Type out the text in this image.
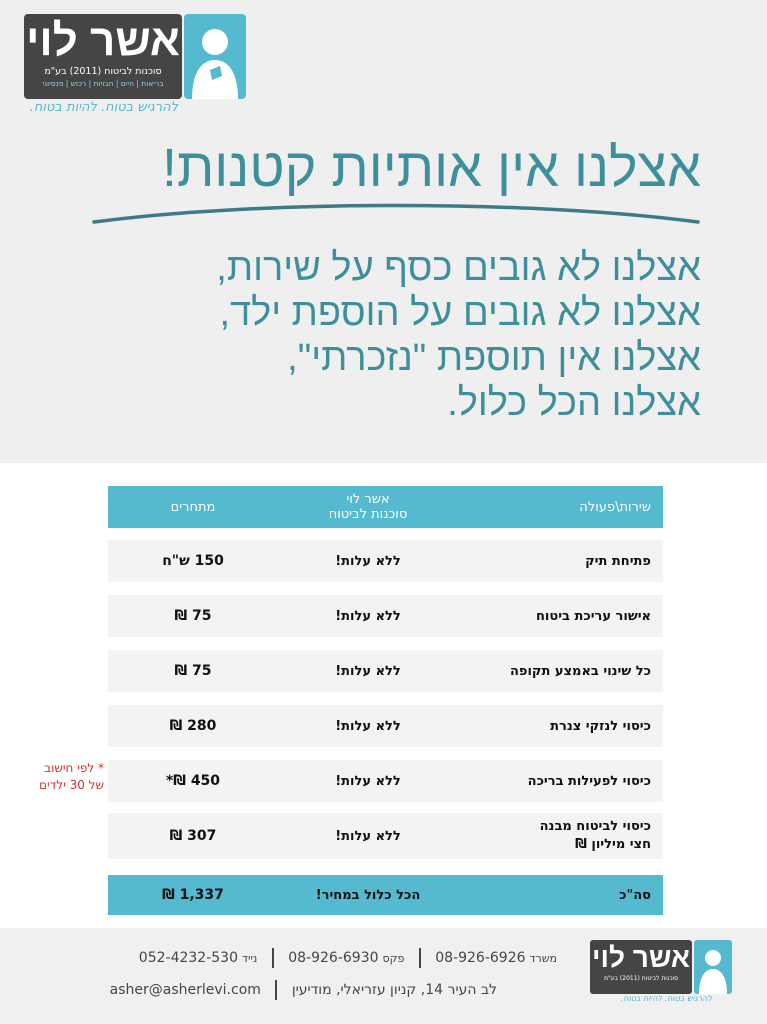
אשר לוי
סוכנות לביטוח (2011) בע"מ
בריאות | חיים | חבויות | רכוש | פנסיוני
להרגיש בטוח. להיות בטוח.
אצלנו אין אותיות קטנות!
אצלנו לא גובים כסף על שירות,
אצלנו לא גובים על הוספת ילד,
אצלנו אין תוספת "נזכרתי",
אצלנו הכל כלול.
שירות\פעולה
אשר לוי
סוכנות לביטוח
מתחרים
פתיחת תיק
ללא עלות!
150 ש"ח
אישור עריכת ביטוח
ללא עלות!
75 ₪
כל שינוי באמצע תקופה
ללא עלות!
75 ₪
כיסוי לנזקי צנרת
ללא עלות!
280 ₪
כיסוי לפעילות בריכה
ללא עלות!
450 ₪*
כיסוי לביטוח מבנה
חצי מיליון ₪
ללא עלות!
307 ₪
סה"כ
הכל כלול במחיר!
1,337 ₪
* לפי חישוב
של 30 ילדים
אשר לוי
סוכנות לביטוח (2011) בע"מ
להרגיש בטוח. להיות בטוח.
משרד08-926-6926  פקס08-926-6930  נייד052-4232-530
לב העיר 14, קניון עזריאלי, מודיעין  asher@asherlevi.com
